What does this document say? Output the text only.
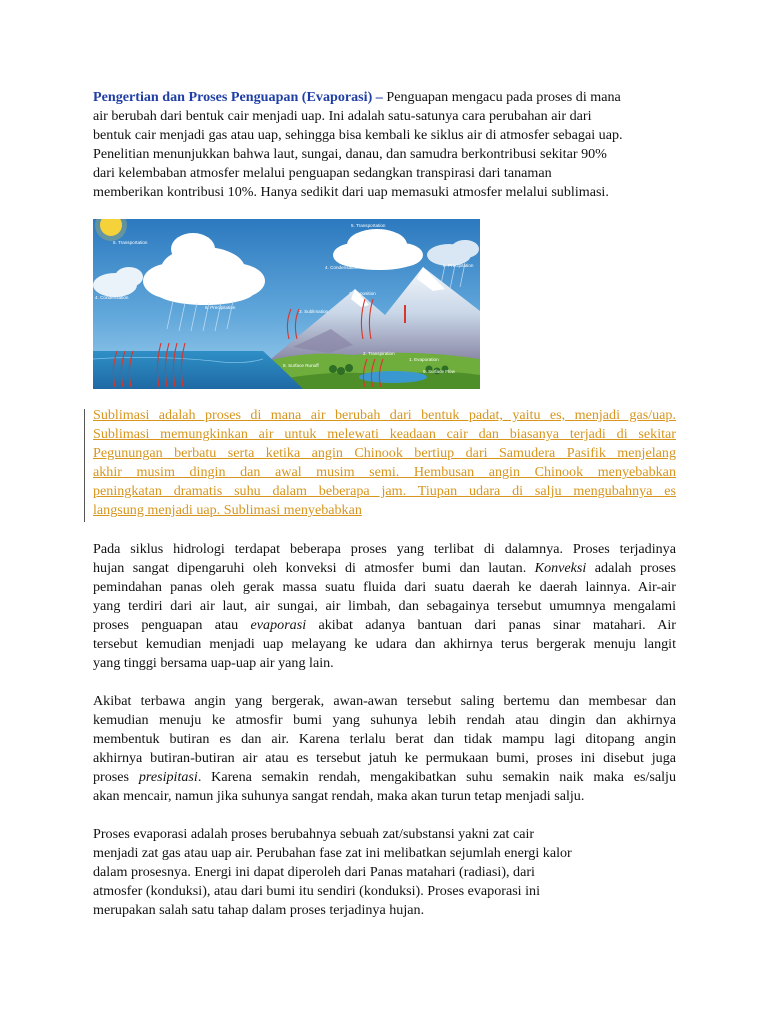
Pengertian dan Proses Penguapan (Evaporasi) – Penguapan mengacu pada proses di mana
air berubah dari bentuk cair menjadi uap. Ini adalah satu-satunya cara perubahan air dari
bentuk cair menjadi gas atau uap, sehingga bisa kembali ke siklus air di atmosfer sebagai uap.
Penelitian menunjukkan bahwa laut, sungai, danau, dan samudra berkontribusi sekitar 90%
dari kelembaban atmosfer melalui penguapan sedangkan transpirasi dari tanaman
memberikan kontribusi 10%. Hanya sedikit dari uap memasuki atmosfer melalui sublimasi.
5. Transportation
4. Condensation
4. Condensation
6. Precipitation
5. Transportation
6. Precipitation
7. Deposition
3. Sublimation
1. Evaporation
2. Transpiration
8. Surface Runoff
9. Surface Flow
Sublimasi adalah proses di mana air berubah dari bentuk padat, yaitu es, menjadi gas/uap.
Sublimasi memungkinkan air untuk melewati keadaan cair dan biasanya terjadi di sekitar
Pegunungan berbatu serta ketika angin Chinook bertiup dari Samudera Pasifik menjelang
akhir musim dingin dan awal musim semi. Hembusan angin Chinook menyebabkan
peningkatan dramatis suhu dalam beberapa jam. Tiupan udara di salju mengubahnya es
langsung menjadi uap. Sublimasi menyebabkan
Pada siklus hidrologi terdapat beberapa proses yang terlibat di dalamnya. Proses terjadinya
hujan sangat dipengaruhi oleh konveksi di atmosfer bumi dan lautan. Konveksi adalah proses
pemindahan panas oleh gerak massa suatu fluida dari suatu daerah ke daerah lainnya. Air-air
yang terdiri dari air laut, air sungai, air limbah, dan sebagainya tersebut umumnya mengalami
proses penguapan atau evaporasi akibat adanya bantuan dari panas sinar matahari. Air
tersebut kemudian menjadi uap melayang ke udara dan akhirnya terus bergerak menuju langit
yang tinggi bersama uap-uap air yang lain.
Akibat terbawa angin yang bergerak, awan-awan tersebut saling bertemu dan membesar dan
kemudian menuju ke atmosfir bumi yang suhunya lebih rendah atau dingin dan akhirnya
membentuk butiran es dan air. Karena terlalu berat dan tidak mampu lagi ditopang angin
akhirnya butiran-butiran air atau es tersebut jatuh ke permukaan bumi, proses ini disebut juga
proses presipitasi. Karena semakin rendah, mengakibatkan suhu semakin naik maka es/salju
akan mencair, namun jika suhunya sangat rendah, maka akan turun tetap menjadi salju.
Proses evaporasi adalah proses berubahnya sebuah zat/substansi yakni zat cair
menjadi zat gas atau uap air. Perubahan fase zat ini melibatkan sejumlah energi kalor
dalam prosesnya. Energi ini dapat diperoleh dari Panas matahari (radiasi), dari
atmosfer (konduksi), atau dari bumi itu sendiri (konduksi). Proses evaporasi ini
merupakan salah satu tahap dalam proses terjadinya hujan.
